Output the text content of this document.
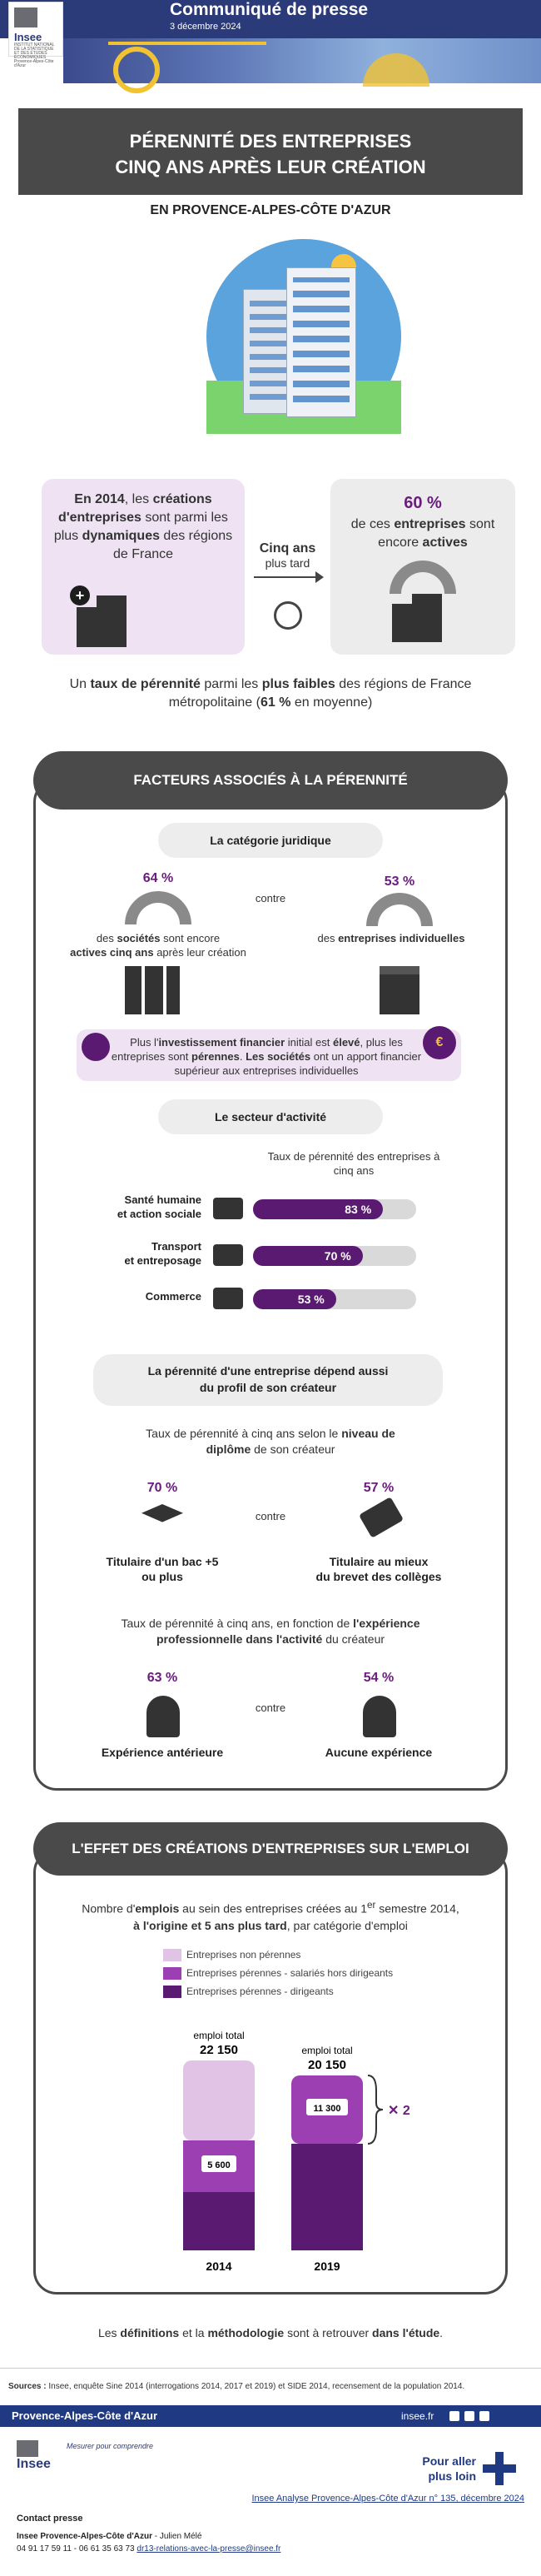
Insee
INSTITUT NATIONAL DE LA STATISTIQUE ET DES ÉTUDES ÉCONOMIQUES Provence-Alpes-Côte d'Azur
Communiqué de presse
3 décembre 2024
PÉRENNITÉ DES ENTREPRISES
CINQ ANS APRÈS LEUR CRÉATION
EN PROVENCE-ALPES-CÔTE D'AZUR
En 2014, les créations d'entreprises sont parmi les plus dynamiques des régions de France
+
Cinq ans
plus tard
60 %
de ces entreprises sont encore actives
Un taux de pérennité parmi les plus faibles des régions de France métropolitaine (61 % en moyenne)
FACTEURS ASSOCIÉS À LA PÉRENNITÉ
La catégorie juridique
64 %
contre
53 %
des sociétés sont encore
actives cinq ans après leur création
des entreprises individuelles
€
Plus l'investissement financier initial est élevé, plus les entreprises sont pérennes. Les sociétés ont un apport financier supérieur aux entreprises individuelles
Le secteur d'activité
Taux de pérennité des entreprises à cinq ans
Santé humaine
et action sociale	83 %
Transport
et entreposage	70 %
Commerce	53 %
La pérennité d'une entreprise dépend aussi
du profil de son créateur
Taux de pérennité à cinq ans selon le niveau de diplôme de son créateur
70 %
contre
57 %
Titulaire d'un bac +5
ou plus
Titulaire au mieux
du brevet des collèges
Taux de pérennité à cinq ans, en fonction de l'expérience professionnelle dans l'activité du créateur
63 %
contre
54 %
Expérience antérieure	Aucune expérience
L'EFFET DES CRÉATIONS D'ENTREPRISES SUR L'EMPLOI
Nombre d'emplois au sein des entreprises créées au 1er semestre 2014,
à l'origine et 5 ans plus tard, par catégorie d'emploi
Entreprises non pérennes
Entreprises pérennes - salariés hors dirigeants
Entreprises pérennes - dirigeants
emploi total
22 150
2014
emploi total
20 150
2019
5 600
11 300	✕ 2
Les définitions et la méthodologie sont à retrouver dans l'étude.
Sources : Insee, enquête Sine 2014 (interrogations 2014, 2017 et 2019) et SIDE 2014, recensement de la population 2014.
Provence-Alpes-Côte d'Azur	insee.fr
Insee
Mesurer pour comprendre
Pour aller plus loin
Insee Analyse Provence-Alpes-Côte d'Azur n° 135, décembre 2024
Contact presse
Insee Provence-Alpes-Côte d'Azur - Julien Mélé
04 91 17 59 11 - 06 61 35 63 73 dr13-relations-avec-la-presse@insee.fr
